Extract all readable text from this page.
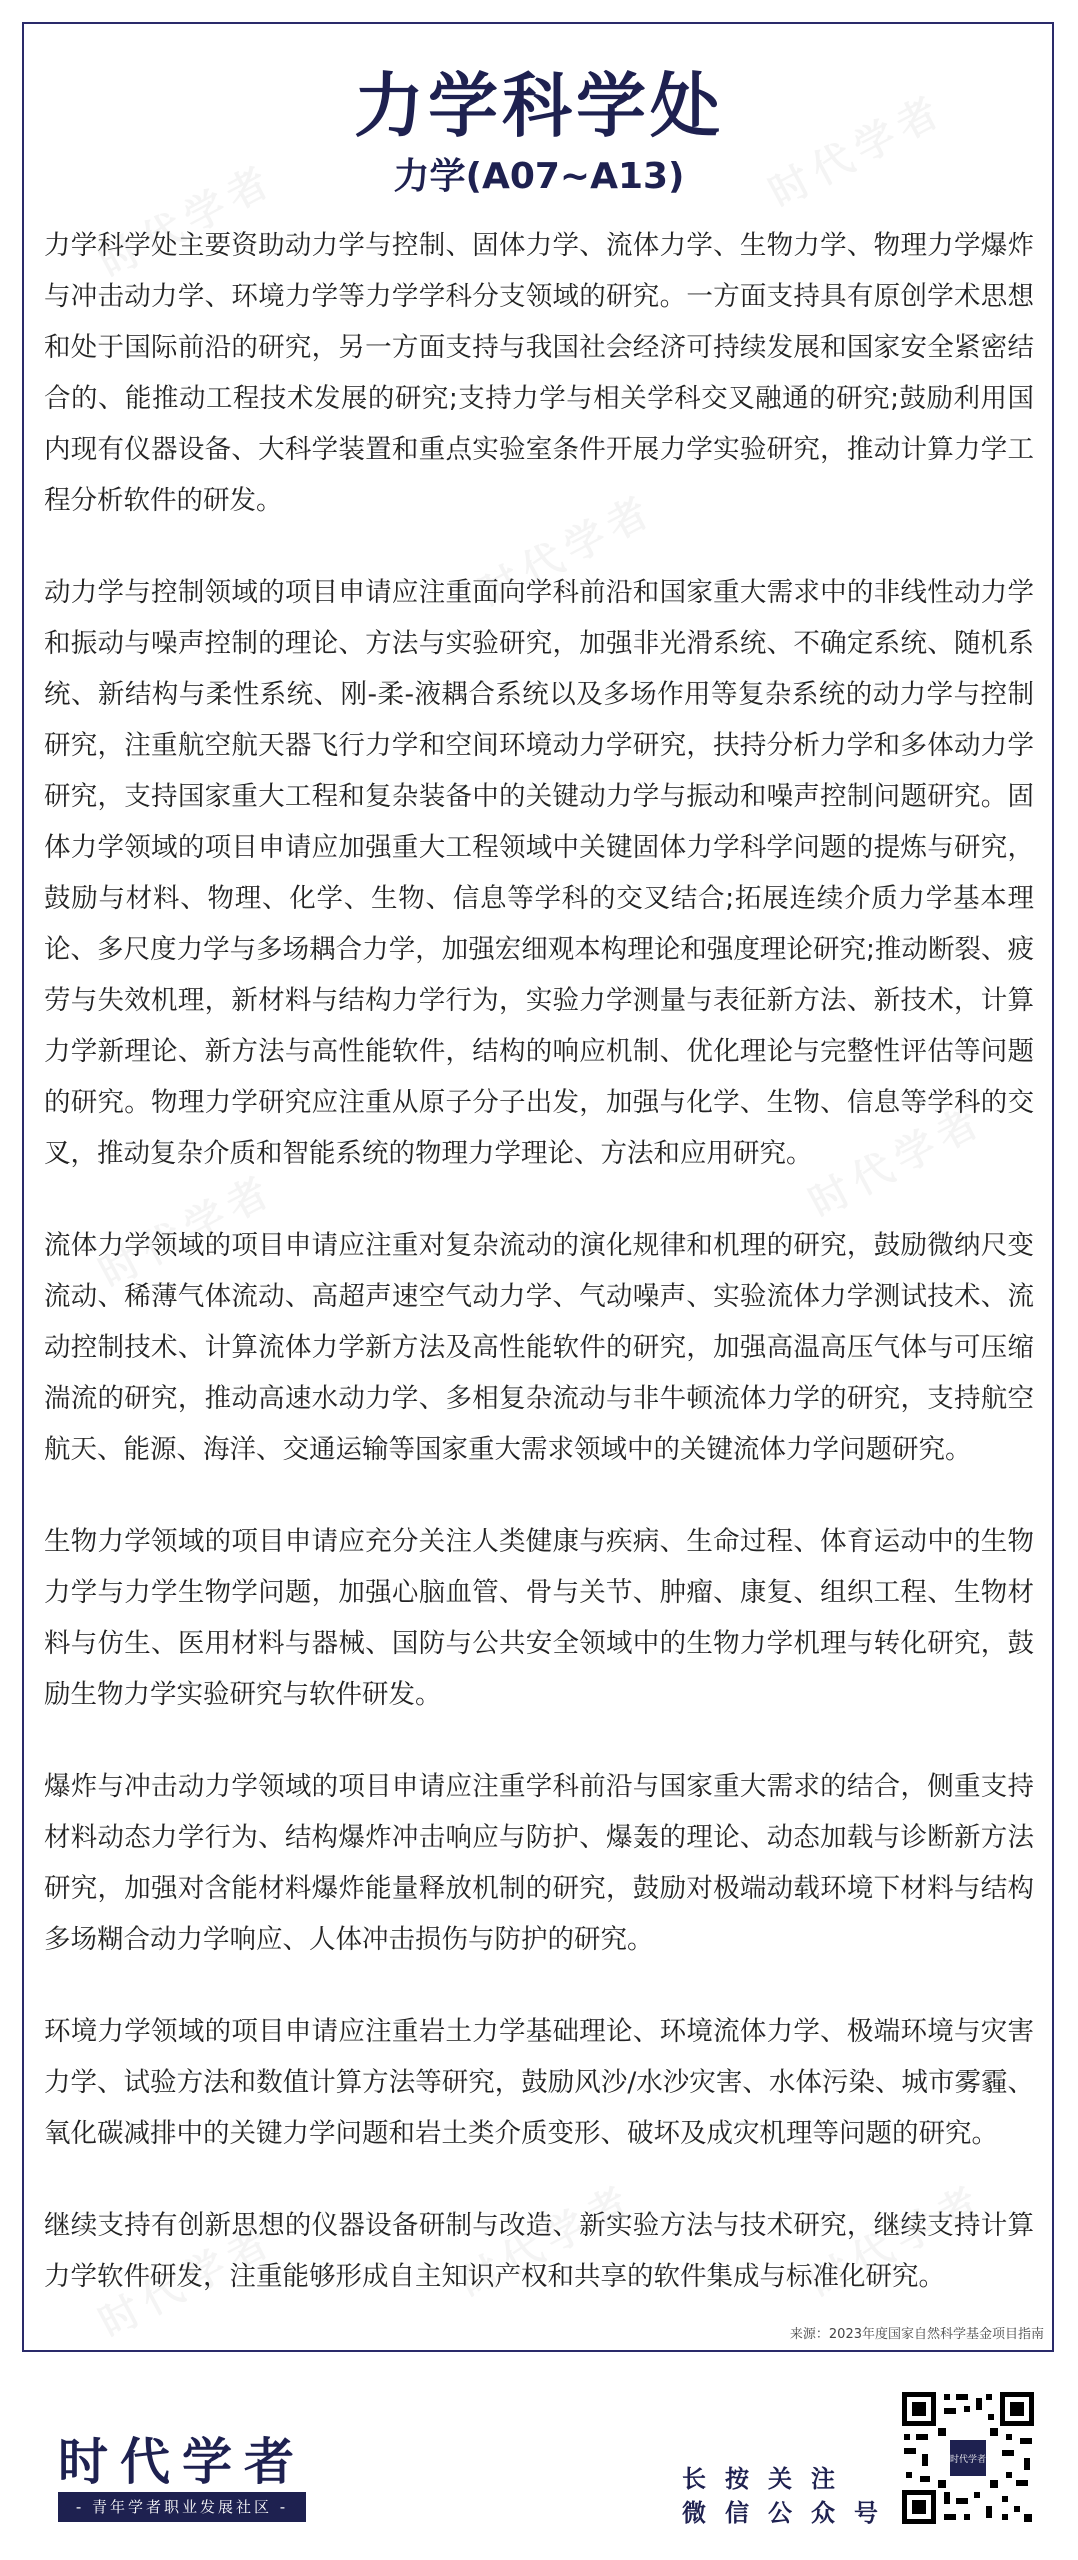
力学科学处
力学(A07~A13)

力学科学处主要资助动力学与控制、固体力学、流体力学、生物力学、物理力学爆炸与冲击动力学、环境力学等力学学科分支领域的研究。一方面支持具有原创学术思想和处于国际前沿的研究，另一方面支持与我国社会经济可持续发展和国家安全紧密结合的、能推动工程技术发展的研究;支持力学与相关学科交叉融通的研究;鼓励利用国内现有仪器设备、大科学装置和重点实验室条件开展力学实验研究，推动计算力学工程分析软件的研发。

动力学与控制领域的项目申请应注重面向学科前沿和国家重大需求中的非线性动力学和振动与噪声控制的理论、方法与实验研究，加强非光滑系统、不确定系统、随机系统、新结构与柔性系统、刚-柔-液耦合系统以及多场作用等复杂系统的动力学与控制研究，注重航空航天器飞行力学和空间环境动力学研究，扶持分析力学和多体动力学研究，支持国家重大工程和复杂装备中的关键动力学与振动和噪声控制问题研究。固体力学领域的项目申请应加强重大工程领域中关键固体力学科学问题的提炼与研究，鼓励与材料、物理、化学、生物、信息等学科的交叉结合;拓展连续介质力学基本理论、多尺度力学与多场耦合力学，加强宏细观本构理论和强度理论研究;推动断裂、疲劳与失效机理，新材料与结构力学行为，实验力学测量与表征新方法、新技术，计算力学新理论、新方法与高性能软件，结构的响应机制、优化理论与完整性评估等问题的研究。物理力学研究应注重从原子分子出发，加强与化学、生物、信息等学科的交叉，推动复杂介质和智能系统的物理力学理论、方法和应用研究。

流体力学领域的项目申请应注重对复杂流动的演化规律和机理的研究，鼓励微纳尺变流动、稀薄气体流动、高超声速空气动力学、气动噪声、实验流体力学测试技术、流动控制技术、计算流体力学新方法及高性能软件的研究，加强高温高压气体与可压缩湍流的研究，推动高速水动力学、多相复杂流动与非牛顿流体力学的研究，支持航空航天、能源、海洋、交通运输等国家重大需求领域中的关键流体力学问题研究。

生物力学领域的项目申请应充分关注人类健康与疾病、生命过程、体育运动中的生物力学与力学生物学问题，加强心脑血管、骨与关节、肿瘤、康复、组织工程、生物材料与仿生、医用材料与器械、国防与公共安全领域中的生物力学机理与转化研究，鼓励生物力学实验研究与软件研发。

爆炸与冲击动力学领域的项目申请应注重学科前沿与国家重大需求的结合，侧重支持材料动态力学行为、结构爆炸冲击响应与防护、爆轰的理论、动态加载与诊断新方法研究，加强对含能材料爆炸能量释放机制的研究，鼓励对极端动载环境下材料与结构多场糊合动力学响应、人体冲击损伤与防护的研究。

环境力学领域的项目申请应注重岩土力学基础理论、环境流体力学、极端环境与灾害力学、试验方法和数值计算方法等研究，鼓励风沙/水沙灾害、水体污染、城市雾霾、氧化碳减排中的关键力学问题和岩土类介质变形、破坏及成灾机理等问题的研究。

继续支持有创新思想的仪器设备研制与改造、新实验方法与技术研究，继续支持计算力学软件研发，注重能够形成自主知识产权和共享的软件集成与标准化研究。

来源：2023年度国家自然科学基金项目指南
时代学者
- 青年学者职业发展社区 -
长按关注
微信公众号
时代学者
